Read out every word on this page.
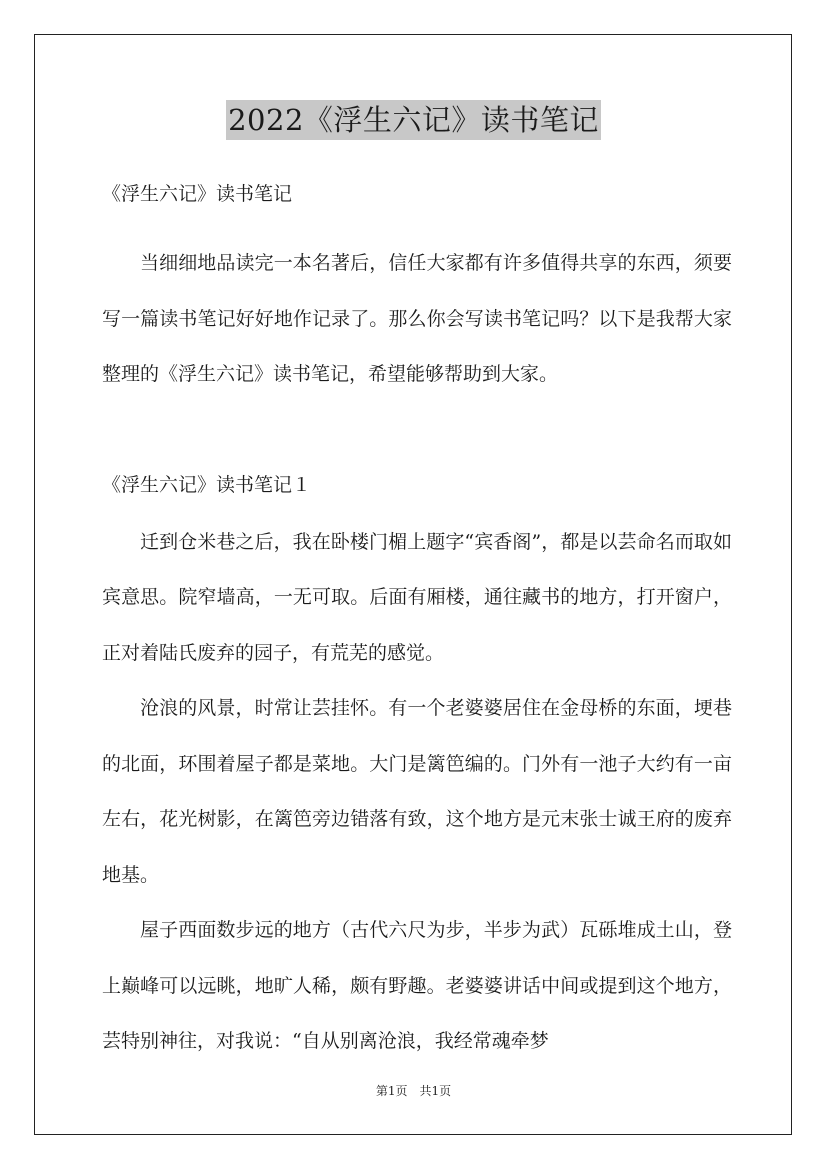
2022《浮生六记》读书笔记
《浮生六记》读书笔记

当细细地品读完一本名著后，信任大家都有许多值得共享的东西，须要写一篇读书笔记好好地作记录了。那么你会写读书笔记吗？以下是我帮大家整理的《浮生六记》读书笔记，希望能够帮助到大家。

《浮生六记》读书笔记１

迁到仓米巷之后，我在卧楼门楣上题字“宾香阁”，都是以芸命名而取如宾意思。院窄墙高，一无可取。后面有厢楼，通往藏书的地方，打开窗户，正对着陆氏废弃的园子，有荒芜的感觉。

沧浪的风景，时常让芸挂怀。有一个老婆婆居住在金母桥的东面，埂巷的北面，环围着屋子都是菜地。大门是篱笆编的。门外有一池子大约有一亩左右，花光树影，在篱笆旁边错落有致，这个地方是元末张士诚王府的废弃地基。

屋子西面数步远的地方（古代六尺为步，半步为武）瓦砾堆成土山，登上巅峰可以远眺，地旷人稀，颇有野趣。老婆婆讲话中间或提到这个地方，芸特别神往，对我说：“自从别离沧浪，我经常魂牵梦

第1页　共1页
